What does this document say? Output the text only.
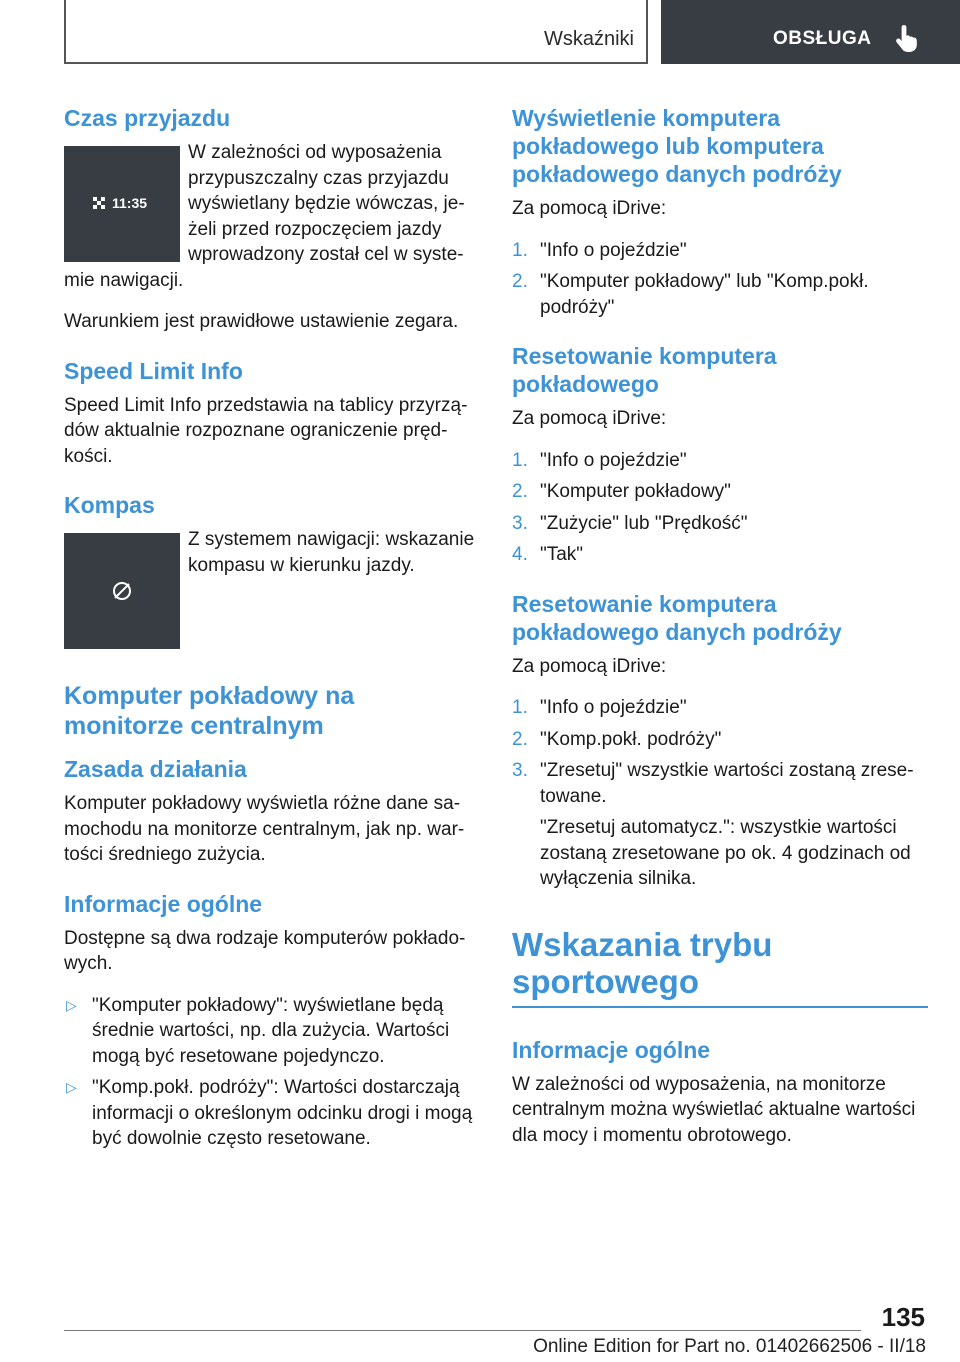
Wskaźniki	OBSŁUGA
Czas przyjazdu
11:35

W zależności od wyposażenia przypuszczalny czas przyjazdu wyświetlany będzie wówczas, jeżeli przed rozpoczęciem jazdy wprowadzony został cel w systemie nawigacji.

Warunkiem jest prawidłowe ustawienie zegara.

Speed Limit Info

Speed Limit Info przedstawia na tablicy przyrządów aktualnie rozpoznane ograniczenie prędkości.

Kompas

Z systemem nawigacji: wskazanie kompasu w kierunku jazdy.

Komputer pokładowy na monitorze centralnym
Zasada działania

Komputer pokładowy wyświetla różne dane samochodu na monitorze centralnym, jak np. wartości średniego zużycia.

Informacje ogólne

Dostępne są dwa rodzaje komputerów pokładowych.

▷ "Komputer pokładowy": wyświetlane będą średnie wartości, np. dla zużycia. Wartości mogą być resetowane pojedynczo.
▷ "Komp.pokł. podróży": Wartości dostarczają informacji o określonym odcinku drogi i mogą być dowolnie często resetowane.
Wyświetlenie komputera pokładowego lub komputera pokładowego danych podróży

Za pomocą iDrive:

1. "Info o pojeździe"
2. "Komputer pokładowy" lub "Komp.pokł. podróży"
Resetowanie komputera pokładowego

Za pomocą iDrive:

1. "Info o pojeździe"
2. "Komputer pokładowy"
3. "Zużycie" lub "Prędkość"
4. "Tak"
Resetowanie komputera pokładowego danych podróży

Za pomocą iDrive:

1. "Info o pojeździe"
2. "Komp.pokł. podróży"
3. "Zresetuj" wszystkie wartości zostaną zresetowane.
"Zresetuj automatycz.": wszystkie wartości zostaną zresetowane po ok. 4 godzinach od wyłączenia silnika.
Wskazania trybu sportowego
Informacje ogólne

W zależności od wyposażenia, na monitorze centralnym można wyświetlać aktualne wartości dla mocy i momentu obrotowego.

135
Online Edition for Part no. 01402662506 - II/18
